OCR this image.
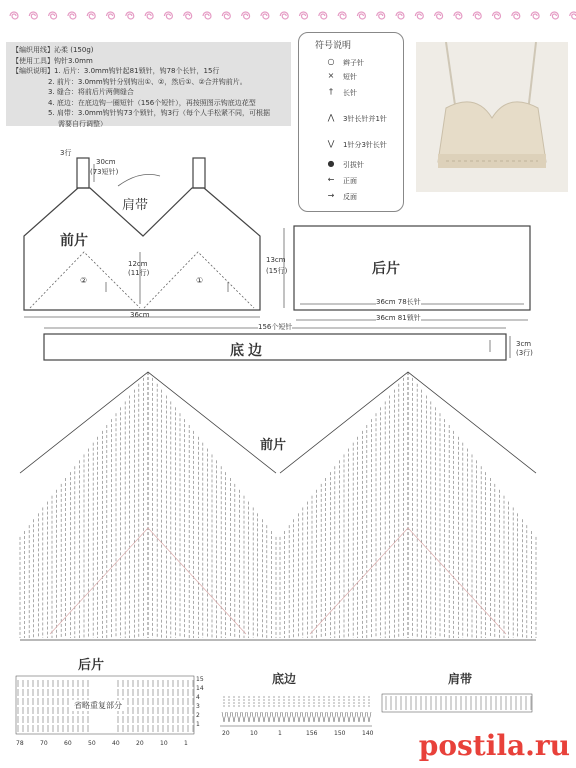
【编织用线】沁柔 (150g)
【使用工具】钩针3.0mm
【编织说明】1. 后片：3.0mm钩针起81锁针，钩78个长针，15行
2. 前片：3.0mm钩针分别钩出①、②，然后①、②合并钩前片。
3. 缝合：将前后片两侧缝合
4. 底边：在底边钩一圈短针（156个短针），再按照图示钩底边花型
5. 肩带：3.0mm钩针钩73个锁针，钩3行（每个人手松紧不同，可根据
需要自行调整）
符号说明
○	辫子针
×	短针
†	长针
⋀	3针长针并1针
⋁	1针分3针长针
●	引拔针
←	正面
→	反面
3行
30cm
(73短针)
肩带
前片
②	①
12cm
(11行)
36cm
13cm
(15行)	后片
36cm 78长针
36cm 81锁针
156个短针
底边	3cm
(3行)
前片
后片
省略重复部分
底边	肩带
78	70	60	50	40	20	10	1
15
14
4
3
2
1
20	10	1	156	150	140 postila.ru
